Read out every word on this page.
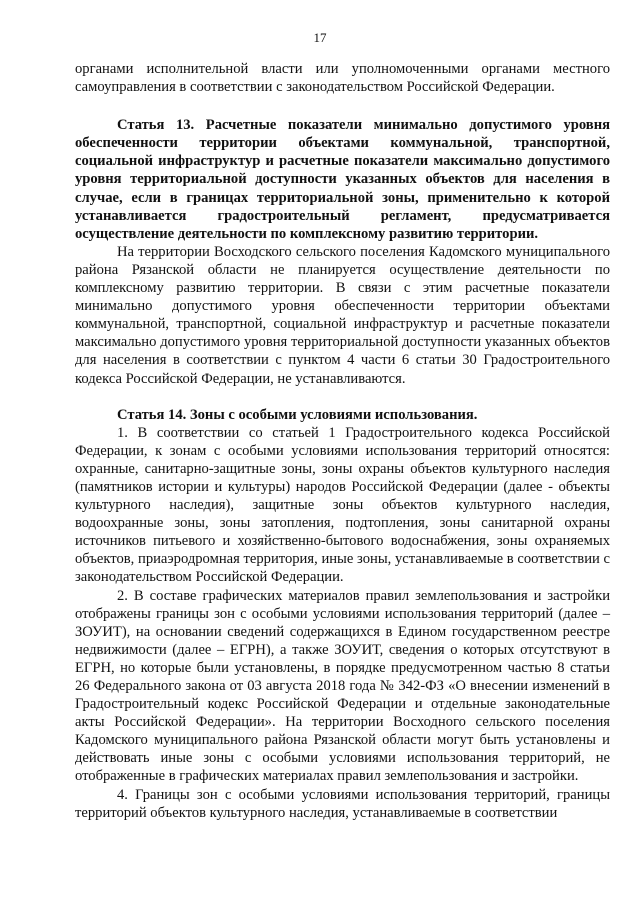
17

органами исполнительной власти или уполномоченными органами местного самоуправления в соответствии с законодательством Российской Федерации.

Статья 13. Расчетные показатели минимально допустимого уровня обеспеченности территории объектами коммунальной, транспортной, социальной инфраструктур и расчетные показатели максимально допустимого уровня территориальной доступности указанных объектов для населения в случае, если в границах территориальной зоны, применительно к которой устанавливается градостроительный регламент, предусматривается осуществление деятельности по комплексному развитию территории.

На территории Восходского сельского поселения Кадомского муниципального района Рязанской области не планируется осуществление деятельности по комплексному развитию территории. В связи с этим расчетные показатели минимально допустимого уровня обеспеченности территории объектами коммунальной, транспортной, социальной инфраструктур и расчетные показатели максимально допустимого уровня территориальной доступности указанных объектов для населения в соответствии с пунктом 4 части 6 статьи 30 Градостроительного кодекса Российской Федерации, не устанавливаются.

Статья 14. Зоны с особыми условиями использования.

1. В соответствии со статьей 1 Градостроительного кодекса Российской Федерации, к зонам с особыми условиями использования территорий относятся: охранные, санитарно-защитные зоны, зоны охраны объектов культурного наследия (памятников истории и культуры) народов Российской Федерации (далее - объекты культурного наследия), защитные зоны объектов культурного наследия, водоохранные зоны, зоны затопления, подтопления, зоны санитарной охраны источников питьевого и хозяйственно-бытового водоснабжения, зоны охраняемых объектов, приаэродромная территория, иные зоны, устанавливаемые в соответствии с законодательством Российской Федерации.

2. В составе графических материалов правил землепользования и застройки отображены границы зон с особыми условиями использования территорий (далее – ЗОУИТ), на основании сведений содержащихся в Едином государственном реестре недвижимости (далее – ЕГРН), а также ЗОУИТ, сведения о которых отсутствуют в ЕГРН, но которые были установлены, в порядке предусмотренном частью 8 статьи 26 Федерального закона от 03 августа 2018 года № 342-ФЗ «О внесении изменений в Градостроительный кодекс Российской Федерации и отдельные законодательные акты Российской Федерации». На территории Восходного сельского поселения Кадомского муниципального района Рязанской области могут быть установлены и действовать иные зоны с особыми условиями использования территорий, не отображенные в графических материалах правил землепользования и застройки.

4. Границы зон с особыми условиями использования территорий, границы территорий объектов культурного наследия, устанавливаемые в соответствии
